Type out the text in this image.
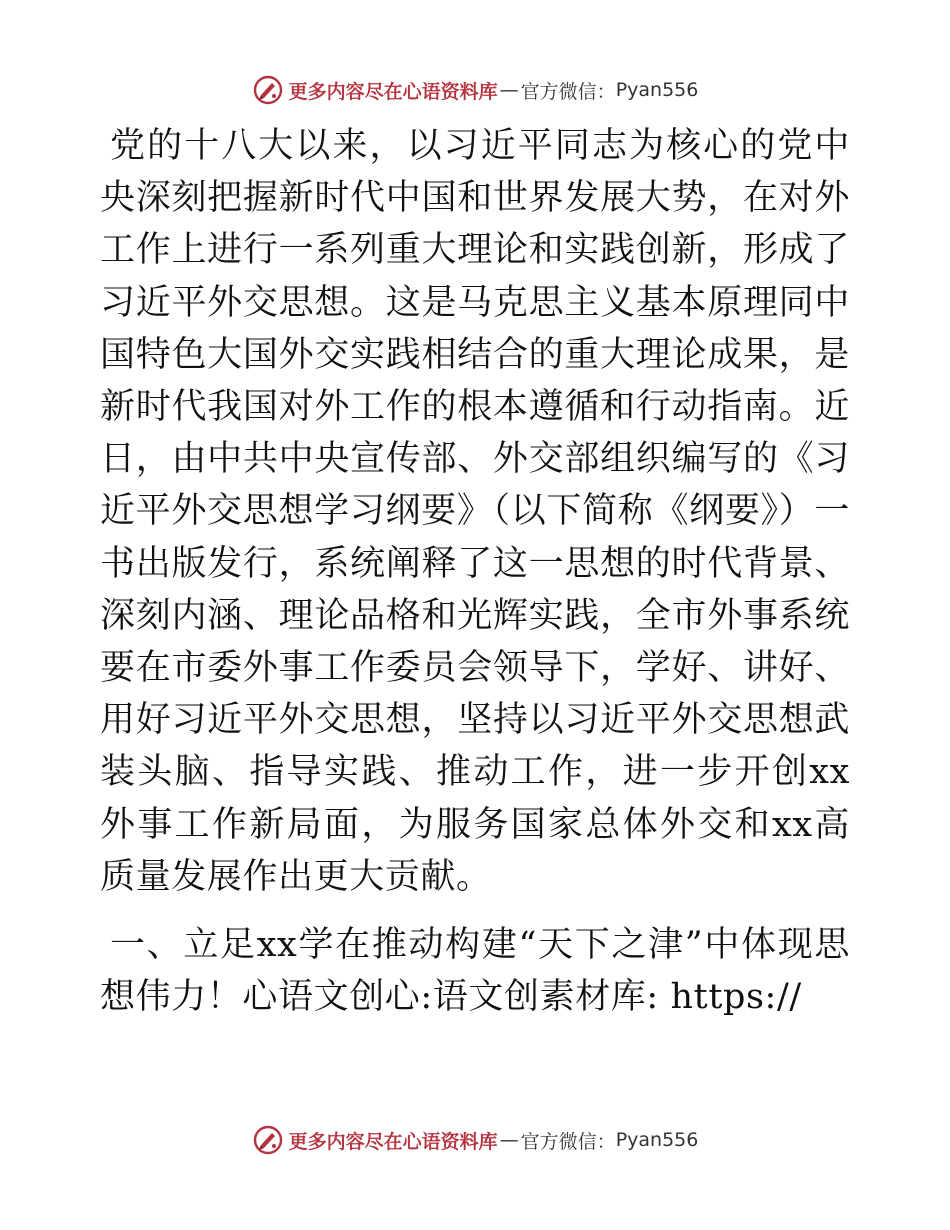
更多内容尽在心语资料库 — 官方微信： Pyan556

党的十八大以来，以习近平同志为核心的党中央深刻把握新时代中国和世界发展大势，在对外工作上进行一系列重大理论和实践创新，形成了习近平外交思想。这是马克思主义基本原理同中国特色大国外交实践相结合的重大理论成果，是新时代我国对外工作的根本遵循和行动指南。近日，由中共中央宣传部、外交部组织编写的《习近平外交思想学习纲要》（以下简称《纲要》）一书出版发行，系统阐释了这一思想的时代背景、深刻内涵、理论品格和光辉实践，全市外事系统要在市委外事工作委员会领导下，学好、讲好、用好习近平外交思想，坚持以习近平外交思想武装头脑、指导实践、推动工作，进一步开创xx外事工作新局面，为服务国家总体外交和xx高质量发展作出更大贡献。

一、立足xx学在推动构建“天下之津”中体现思想伟力！心语文创心:语文创素材库: https://

更多内容尽在心语资料库 — 官方微信： Pyan556
